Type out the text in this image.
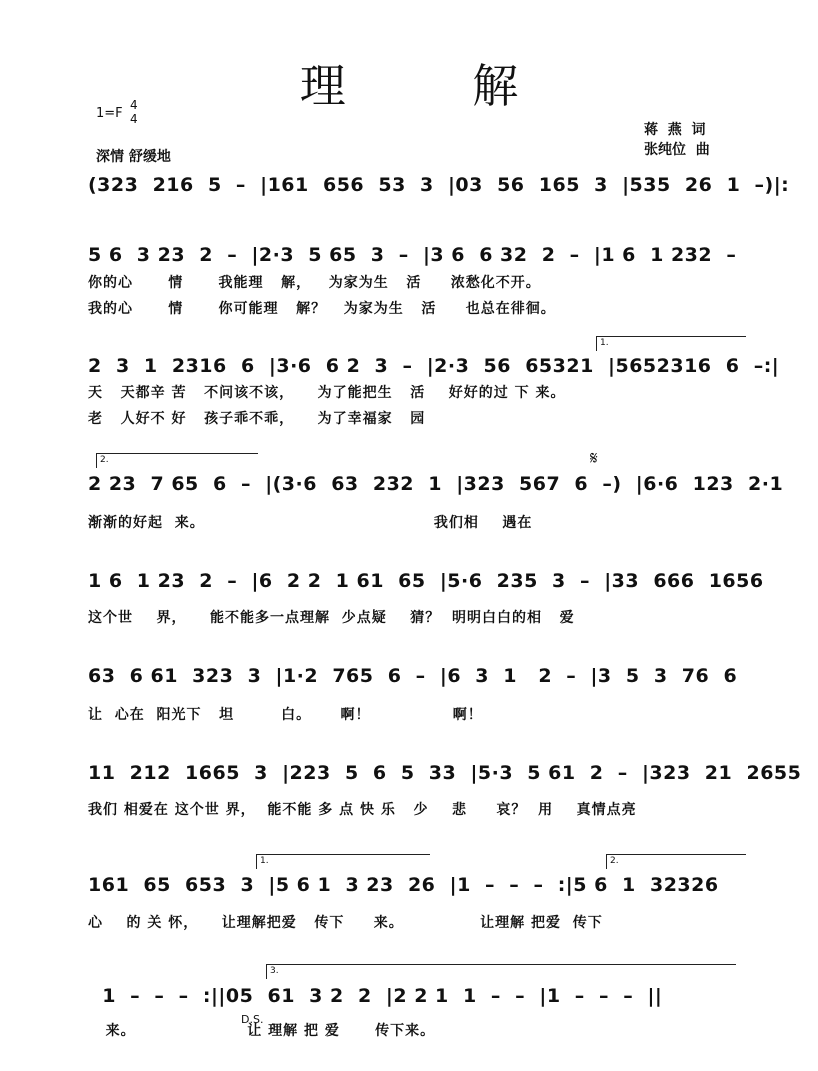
理 解
1=F
4
4
深情 舒缓地
蒋  燕  词
张纯位  曲
(323  216  5  –  |161  656  53  3  |03  56  165  3  |535  26  1  –)|:
5 6  3 23  2  –  |2·3  5 65  3  –  |3 6  6 32  2  –  |1 6  1 232  –
你的心      情      我能理   解，   为家为生   活     浓愁化不开。
我的心      情      你可能理   解？   为家为生   活     也总在徘徊。
1.
2  3  1  2316  6  |3·6  6 2  3  –  |2·3  56  65321  |5652316  6  –:|
天   天都辛 苦   不问该不该，    为了能把生   活    好好的过 下 来。
老   人好不 好   孩子乖不乖，    为了幸福家   园
2.	𝄋
2 23  7 65  6  –  |(3·6  63  232  1  |323  567  6  –)  |6·6  123  2·1
渐渐的好起  来。                                       我们相    遇在
1 6  1 23  2  –  |6  2 2  1 61  65  |5·6  235  3  –  |33  666  1656
这个世    界，    能不能多一点理解  少点疑    猜？  明明白白的相   爱
63  6 61  323  3  |1·2  765  6  –  |6  3  1   2  –  |3  5  3  76  6
让  心在  阳光下   坦        白。     啊！              啊！
11  212  1665  3  |223  5  6  5  33  |5·3  5 61  2  –  |323  21  2655
我们 相爱在 这个世 界，  能不能 多 点 快 乐   少    悲     哀？  用    真情点亮
1.	2.
161  65  653  3  |5 6 1  3 23  26  |1  –  –  –  :|5 6  1  32326
心    的 关 怀，    让理解把爱   传下     来。             让理解 把爱  传下
3.
1  –  –  –  :||05  61  3 2  2  |2 2 1  1  –  –  |1  –  –  –  ||
D.S.
来。                   让 理解 把 爱      传下来。
